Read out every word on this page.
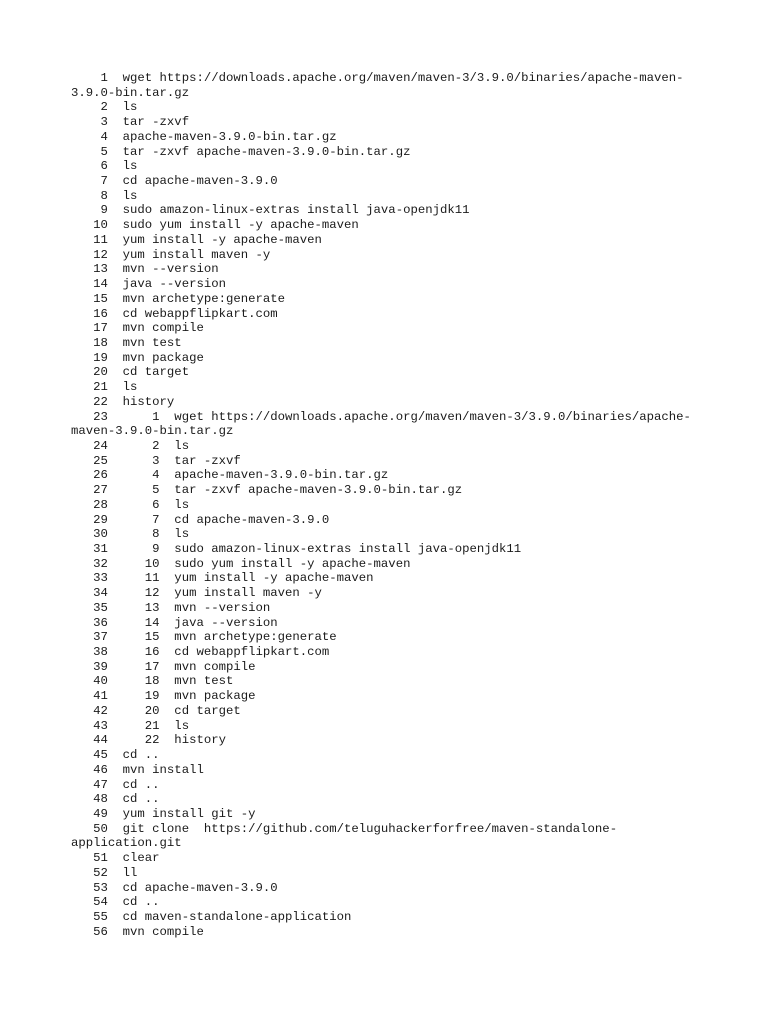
1  wget https://downloads.apache.org/maven/maven-3/3.9.0/binaries/apache-maven-
3.9.0-bin.tar.gz
2  ls
3  tar -zxvf
4  apache-maven-3.9.0-bin.tar.gz
5  tar -zxvf apache-maven-3.9.0-bin.tar.gz
6  ls
7  cd apache-maven-3.9.0
8  ls
9  sudo amazon-linux-extras install java-openjdk11
10  sudo yum install -y apache-maven
11  yum install -y apache-maven
12  yum install maven -y
13  mvn --version
14  java --version
15  mvn archetype:generate
16  cd webappflipkart.com
17  mvn compile
18  mvn test
19  mvn package
20  cd target
21  ls
22  history
23      1  wget https://downloads.apache.org/maven/maven-3/3.9.0/binaries/apache-
maven-3.9.0-bin.tar.gz
24      2  ls
25      3  tar -zxvf
26      4  apache-maven-3.9.0-bin.tar.gz
27      5  tar -zxvf apache-maven-3.9.0-bin.tar.gz
28      6  ls
29      7  cd apache-maven-3.9.0
30      8  ls
31      9  sudo amazon-linux-extras install java-openjdk11
32     10  sudo yum install -y apache-maven
33     11  yum install -y apache-maven
34     12  yum install maven -y
35     13  mvn --version
36     14  java --version
37     15  mvn archetype:generate
38     16  cd webappflipkart.com
39     17  mvn compile
40     18  mvn test
41     19  mvn package
42     20  cd target
43     21  ls
44     22  history
45  cd ..
46  mvn install
47  cd ..
48  cd ..
49  yum install git -y
50  git clone  https://github.com/teluguhackerforfree/maven-standalone-
application.git
51  clear
52  ll
53  cd apache-maven-3.9.0
54  cd ..
55  cd maven-standalone-application
56  mvn compile
